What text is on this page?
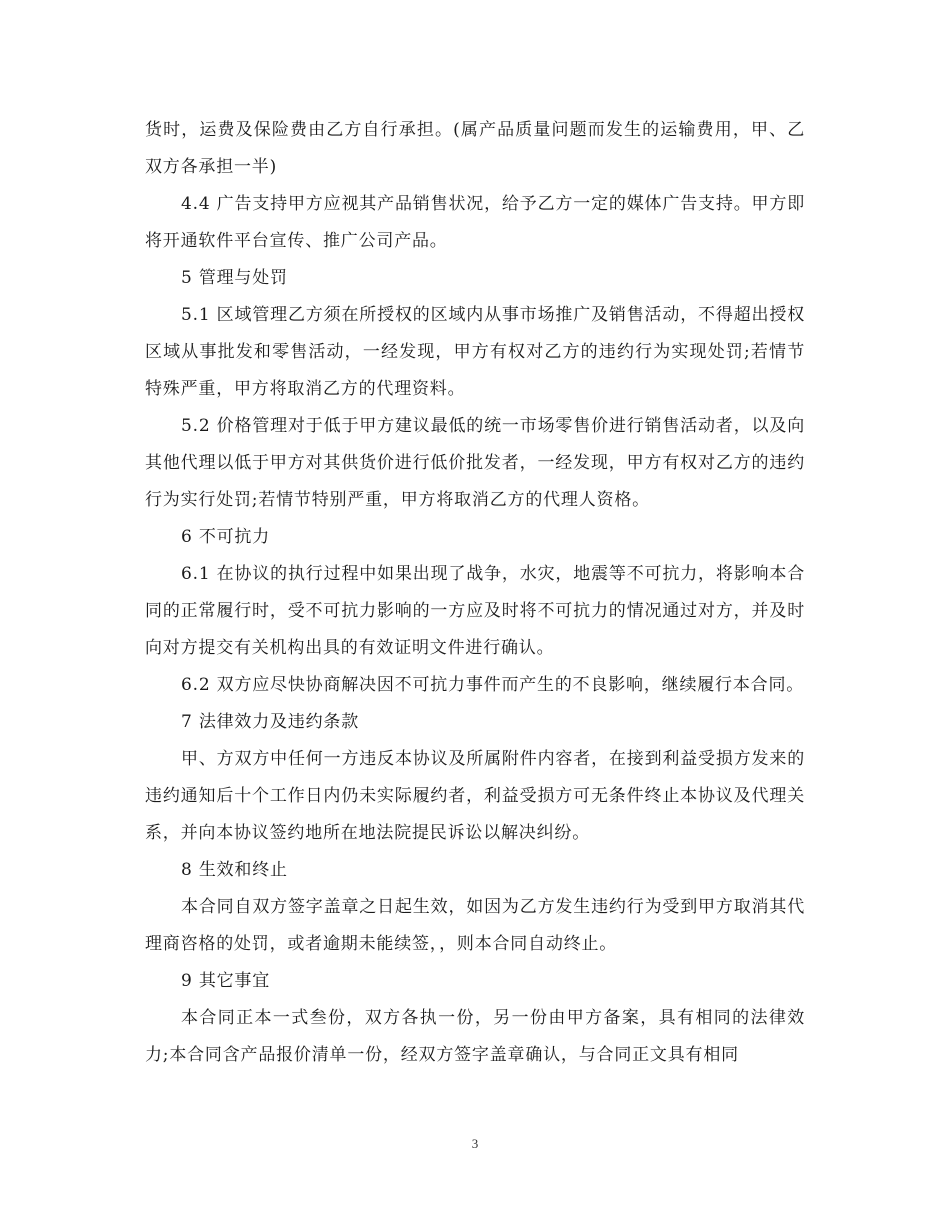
货时，运费及保险费由乙方自行承担。(属产品质量问题而发生的运输费用，甲、乙双方各承担一半)

4.4 广告支持甲方应视其产品销售状况，给予乙方一定的媒体广告支持。甲方即将开通软件平台宣传、推广公司产品。

5 管理与处罚

5.1 区域管理乙方须在所授权的区域内从事市场推广及销售活动，不得超出授权区域从事批发和零售活动，一经发现，甲方有权对乙方的违约行为实现处罚;若情节特殊严重，甲方将取消乙方的代理资料。

5.2 价格管理对于低于甲方建议最低的统一市场零售价进行销售活动者，以及向其他代理以低于甲方对其供货价进行低价批发者，一经发现，甲方有权对乙方的违约行为实行处罚;若情节特别严重，甲方将取消乙方的代理人资格。

6 不可抗力

6.1 在协议的执行过程中如果出现了战争，水灾，地震等不可抗力，将影响本合同的正常履行时，受不可抗力影响的一方应及时将不可抗力的情况通过对方，并及时向对方提交有关机构出具的有效证明文件进行确认。

6.2 双方应尽快协商解决因不可抗力事件而产生的不良影响，继续履行本合同。

7 法律效力及违约条款

甲、方双方中任何一方违反本协议及所属附件内容者，在接到利益受损方发来的违约通知后十个工作日内仍未实际履约者，利益受损方可无条件终止本协议及代理关系，并向本协议签约地所在地法院提民诉讼以解决纠纷。

8 生效和终止

本合同自双方签字盖章之日起生效，如因为乙方发生违约行为受到甲方取消其代理商咨格的处罚，或者逾期未能续签，，则本合同自动终止。

9 其它事宜

本合同正本一式叁份，双方各执一份，另一份由甲方备案，具有相同的法律效力;本合同含产品报价清单一份，经双方签字盖章确认，与合同正文具有相同

3
